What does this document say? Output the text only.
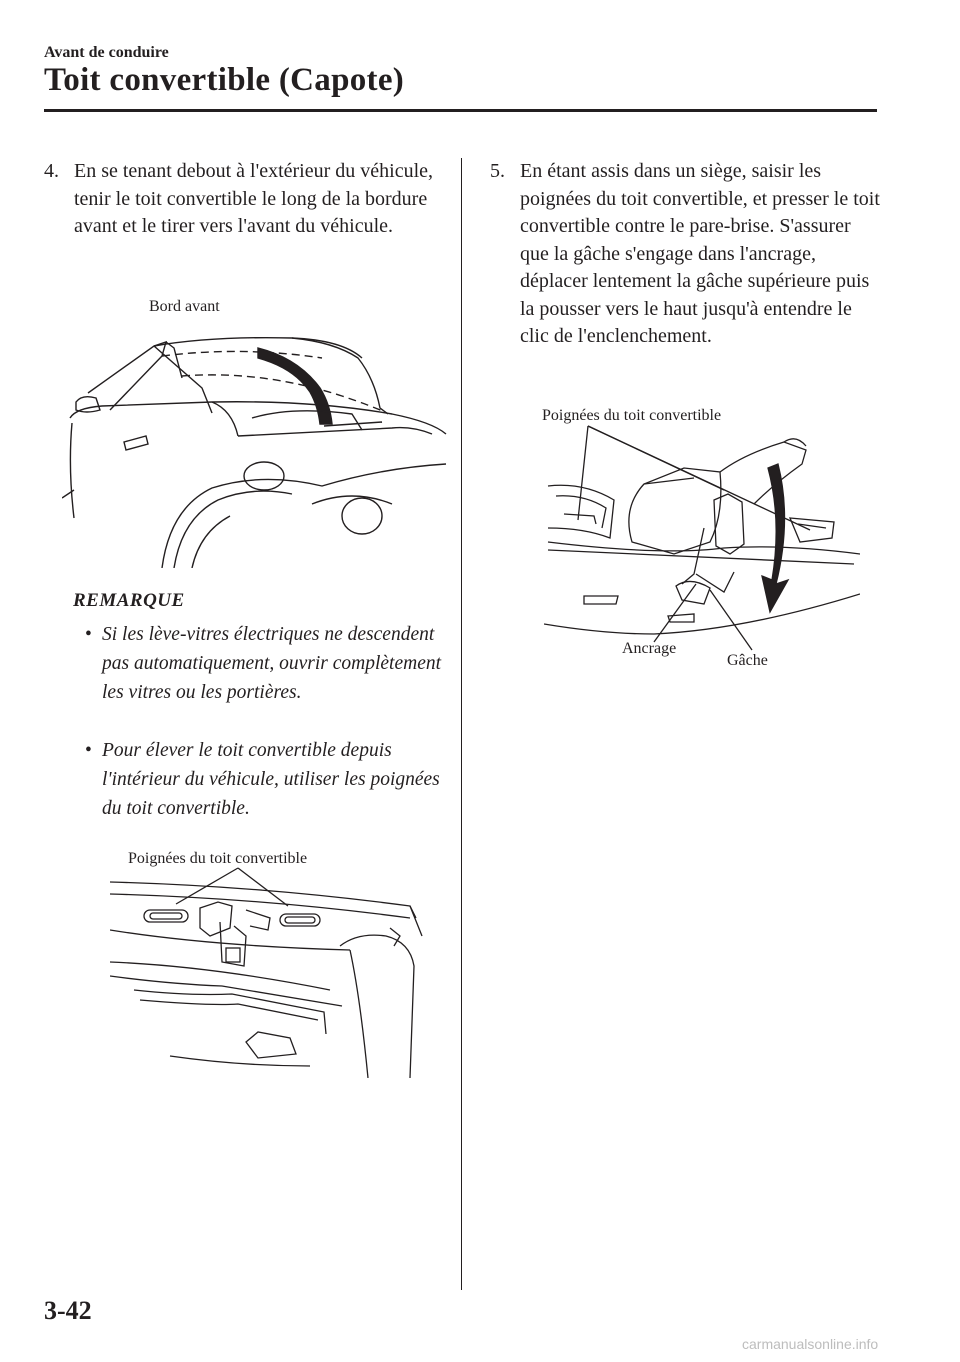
Avant de conduire
Toit convertible (Capote)
4. En se tenant debout à l'extérieur du véhicule, tenir le toit convertible le long de la bordure avant et le tirer vers l'avant du véhicule.
Bord avant
REMARQUE
• Si les lève-vitres électriques ne descendent pas automatiquement, ouvrir complètement les vitres ou les portières.
• Pour élever le toit convertible depuis l'intérieur du véhicule, utiliser les poignées du toit convertible.
Poignées du toit convertible
5. En étant assis dans un siège, saisir les poignées du toit convertible, et presser le toit convertible contre le pare-brise. S'assurer que la gâche s'engage dans l'ancrage, déplacer lentement la gâche supérieure puis la pousser vers le haut jusqu'à entendre le clic de l'enclenchement.
Poignées du toit convertible
Ancrage
Gâche
3-42
carmanualsonline.info
